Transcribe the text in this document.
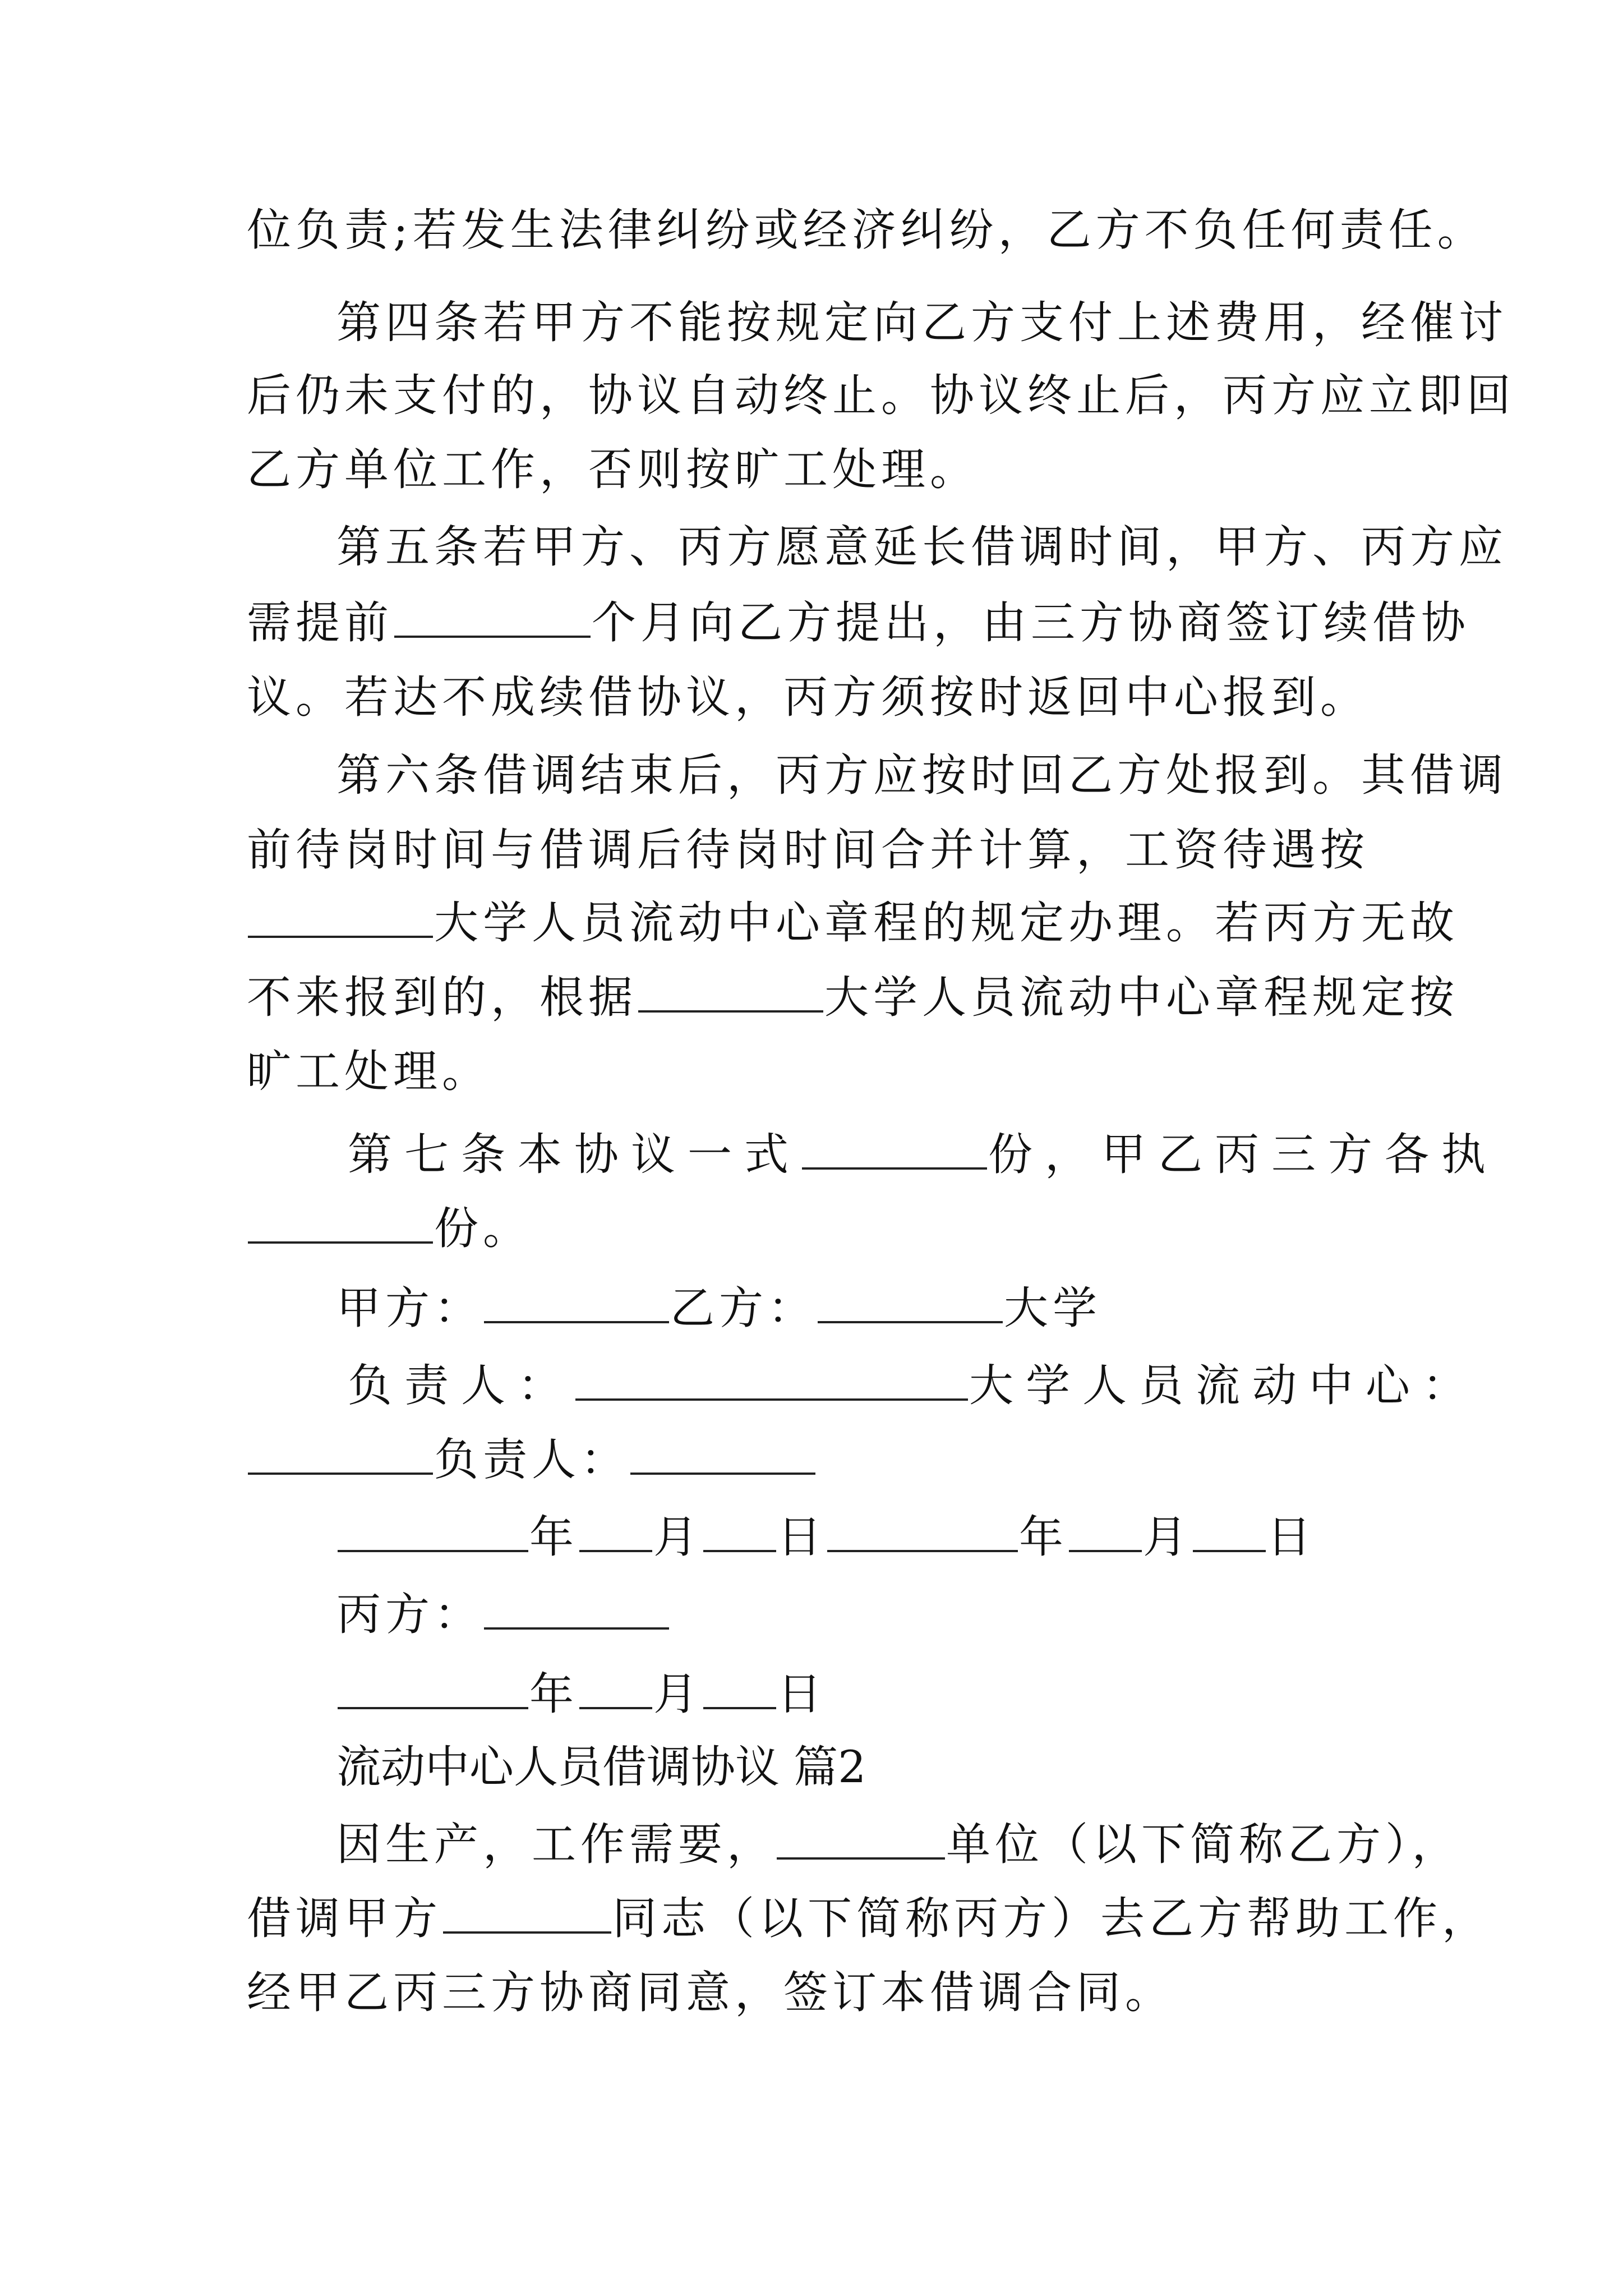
位负责;若发生法律纠纷或经济纠纷，乙方不负任何责任。
第四条若甲方不能按规定向乙方支付上述费用，经催讨
后仍未支付的，协议自动终止。协议终止后，丙方应立即回
乙方单位工作，否则按旷工处理。
第五条若甲方、丙方愿意延长借调时间，甲方、丙方应
需提前	个月向乙方提出，由三方协商签订续借协
议。若达不成续借协议，丙方须按时返回中心报到。
第六条借调结束后，丙方应按时回乙方处报到。其借调
前待岗时间与借调后待岗时间合并计算，工资待遇按
大学人员流动中心章程的规定办理。若丙方无故
不来报到的，根据	大学人员流动中心章程规定按
旷工处理。
第七条本协议一式	份，甲乙丙三方各执
份。
甲方：	乙方：	大学
负责人：	大学人员流动中心：
负责人：
年 月 日	年 月 日
丙方：
年 月 日
流动中心人员借调协议 篇2
因生产，工作需要，	单位（以下简称乙方），
借调甲方	同志（以下简称丙方）去乙方帮助工作，
经甲乙丙三方协商同意，签订本借调合同。
